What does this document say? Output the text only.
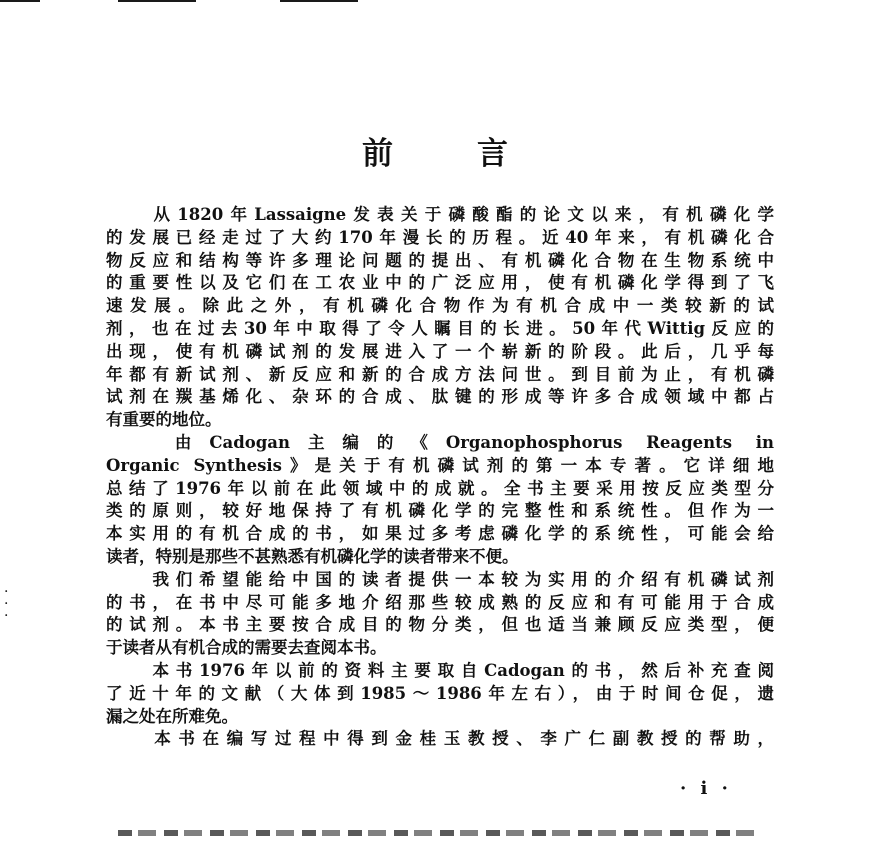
前	言
　　从1820年Lassaigne发表关于磷酸酯的论文以来，有机磷化学
的发展已经走过了大约170年漫长的历程。近40年来，有机磷化合
物反应和结构等许多理论问题的提出、有机磷化合物在生物系统中
的重要性以及它们在工农业中的广泛应用，使有机磷化学得到了飞
速发展。除此之外，有机磷化合物作为有机合成中一类较新的试
剂，也在过去30年中取得了令人瞩目的长进。50年代Wittig反应的
出现，使有机磷试剂的发展进入了一个崭新的阶段。此后，几乎每
年都有新试剂、新反应和新的合成方法问世。到目前为止，有机磷
试剂在羰基烯化、杂环的合成、肽键的形成等许多合成领域中都占
有重要的地位。
　　由Cadogan主编的《Organophosphorus Reagents in
Organic Synthesis》是关于有机磷试剂的第一本专著。它详细地
总结了1976年以前在此领域中的成就。全书主要采用按反应类型分
类的原则，较好地保持了有机磷化学的完整性和系统性。但作为一
本实用的有机合成的书，如果过多考虑磷化学的系统性，可能会给
读者，特别是那些不甚熟悉有机磷化学的读者带来不便。
　　我们希望能给中国的读者提供一本较为实用的介绍有机磷试剂
的书，在书中尽可能多地介绍那些较成熟的反应和有可能用于合成
的试剂。本书主要按合成目的物分类，但也适当兼顾反应类型，便
于读者从有机合成的需要去查阅本书。
　　本书1976年以前的资料主要取自Cadogan的书，然后补充查阅
了近十年的文献（大体到1985～1986年左右），由于时间仓促，遗
漏之处在所难免。
　　本书在编写过程中得到金桂玉教授、李广仁副教授的帮助，
·
·
·
· i ·
